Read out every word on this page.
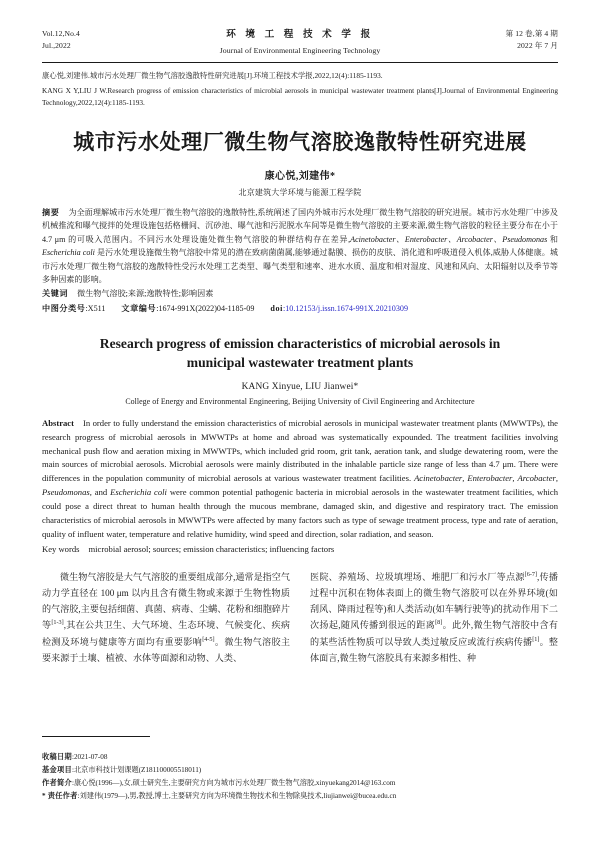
Vol.12,No.4
Jul.,2022
环 境 工 程 技 术 学 报
Journal of Environmental Engineering Technology
第 12 卷,第 4 期
2022 年 7 月

康心悦,刘建伟.城市污水处理厂微生物气溶胶逸散特性研究进展[J].环境工程技术学报,2022,12(4):1185-1193.

KANG X Y,LIU J W.Research progress of emission characteristics of microbial aerosols in municipal wastewater treatment plants[J].Journal of Environmental Engineering Technology,2022,12(4):1185-1193.

城市污水处理厂微生物气溶胶逸散特性研究进展
康心悦,刘建伟*
北京建筑大学环境与能源工程学院
摘要 为全面理解城市污水处理厂微生物气溶胶的逸散特性,系统阐述了国内外城市污水处理厂微生物气溶胶的研究进展。城市污水处理厂中涉及机械推流和曝气搅拌的处理设施包括格栅间、沉砂池、曝气池和污泥脱水车间等是微生物气溶胶的主要来源,微生物气溶胶的粒径主要分布在小于 4.7 μm 的可吸入范围内。不同污水处理设施处微生物气溶胶的种群结构存在差异,Acinetobacter、Enterobacter、Arcobacter、Pseudomonas 和 Escherichia coli 是污水处理设施微生物气溶胶中常见的潜在致病菌菌属,能够通过黏膜、损伤的皮肤、消化道和呼吸道侵入机体,威胁人体健康。城市污水处理厂微生物气溶胶的逸散特性受污水处理工艺类型、曝气类型和速率、进水水质、温度和相对湿度、风速和风向、太阳辐射以及季节等多种因素的影响。
关键词 微生物气溶胶;来源;逸散特性;影响因素
中图分类号:X511 文章编号:1674-991X(2022)04-1185-09 doi:10.12153/j.issn.1674-991X.20210309
Research progress of emission characteristics of microbial aerosols in municipal wastewater treatment plants
KANG Xinyue, LIU Jianwei*
College of Energy and Environmental Engineering, Beijing University of Civil Engineering and Architecture
Abstract In order to fully understand the emission characteristics of microbial aerosols in municipal wastewater treatment plants (MWWTPs), the research progress of microbial aerosols in MWWTPs at home and abroad was systematically expounded. The treatment facilities involving mechanical push flow and aeration mixing in MWWTPs, which included grid room, grit tank, aeration tank, and sludge dewatering room, were the main sources of microbial aerosols. Microbial aerosols were mainly distributed in the inhalable particle size range of less than 4.7 μm. There were differences in the population community of microbial aerosols at various wastewater treatment facilities. Acinetobacter, Enterobacter, Arcobacter, Pseudomonas, and Escherichia coli were common potential pathogenic bacteria in microbial aerosols in the wastewater treatment facilities, which could pose a direct threat to human health through the mucous membrane, damaged skin, and digestive and respiratory tract. The emission characteristics of microbial aerosols in MWWTPs were affected by many factors such as type of sewage treatment process, type and rate of aeration, quality of influent water, temperature and relative humidity, wind speed and direction, solar radiation, and season.
Key words microbial aerosol; sources; emission characteristics; influencing factors

微生物气溶胶是大气气溶胶的重要组成部分,通常是指空气动力学直径在 100 μm 以内且含有微生物或来源于生物性物质的气溶胶,主要包括细菌、真菌、病毒、尘螨、花粉和细胞碎片等[1-3],其在公共卫生、大气环境、生态环境、气候变化、疾病检测及环境与健康等方面均有重要影响[4-5]。微生物气溶胶主要来源于土壤、植被、水体等面源和动物、人类、

医院、养殖场、垃圾填埋场、堆肥厂和污水厂等点源[6-7],传播过程中沉积在物体表面上的微生物气溶胶可以在外界环境(如刮风、降雨过程等)和人类活动(如车辆行驶等)的扰动作用下二次扬起,随风传播到很远的距离[8]。此外,微生物气溶胶中含有的某些活性物质可以导致人类过敏反应或流行疾病传播[1]。整体面言,微生物气溶胶具有来源多相性、种

收稿日期:2021-07-08
基金项目:北京市科技计划课题(Z181100005518011)
作者简介:康心悦(1996—),女,硕士研究生,主要研究方向为城市污水处理厂微生物气溶胶,xinyuekang2014@163.com
* 责任作者:刘建伟(1979—),男,教授,博士,主要研究方向为环境微生物技术和生物除臭技术,liujianwei@bucea.edu.cn
